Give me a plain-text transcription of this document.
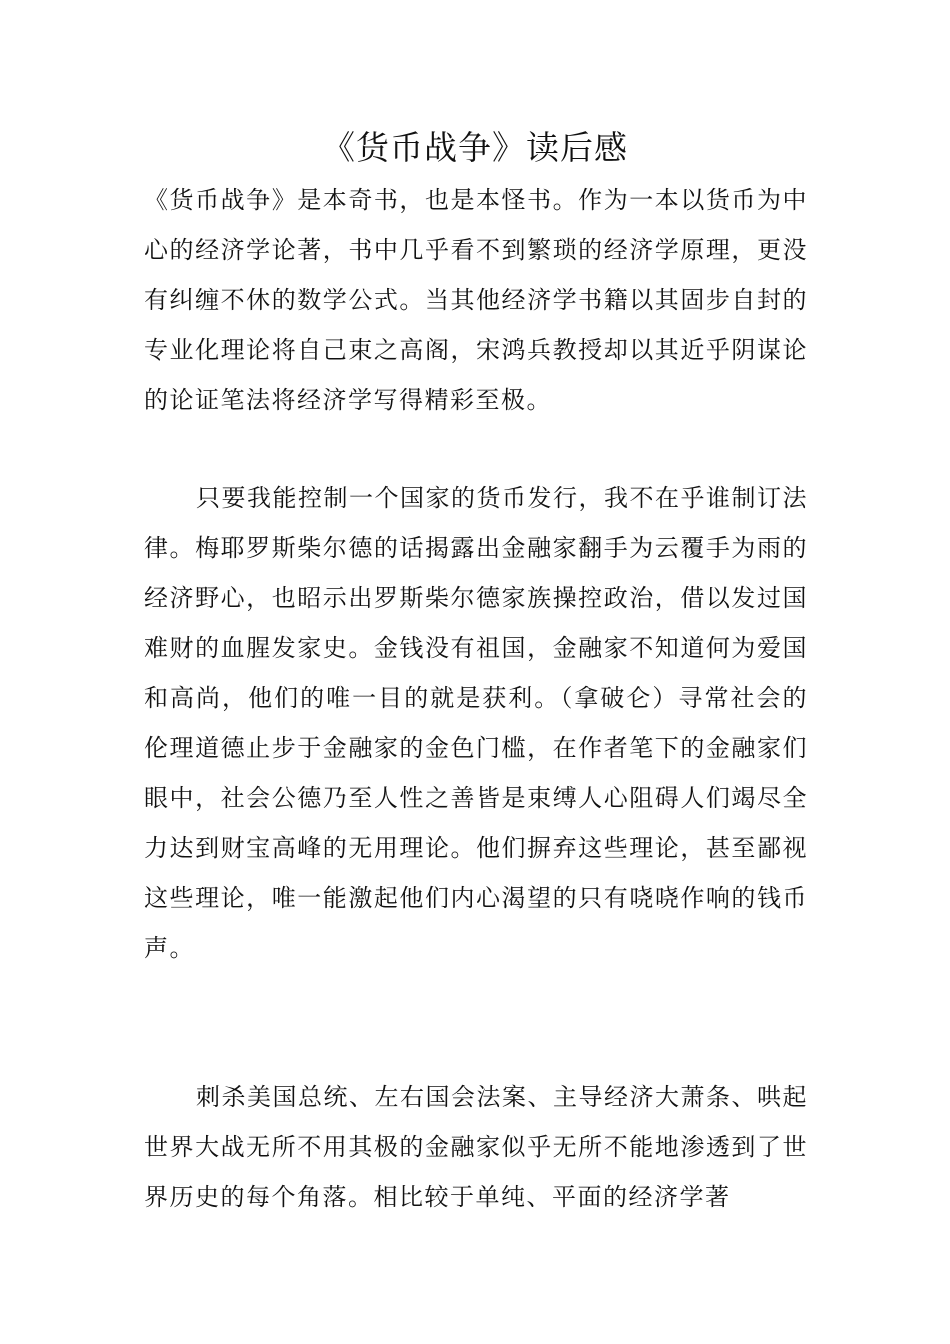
《货币战争》读后感

《货币战争》是本奇书，也是本怪书。作为一本以货币为中心的经济学论著，书中几乎看不到繁琐的经济学原理，更没有纠缠不休的数学公式。当其他经济学书籍以其固步自封的专业化理论将自己束之高阁，宋鸿兵教授却以其近乎阴谋论的论证笔法将经济学写得精彩至极。

只要我能控制一个国家的货币发行，我不在乎谁制订法律。梅耶罗斯柴尔德的话揭露出金融家翻手为云覆手为雨的经济野心，也昭示出罗斯柴尔德家族操控政治，借以发过国难财的血腥发家史。金钱没有祖国，金融家不知道何为爱国和高尚，他们的唯一目的就是获利。（拿破仑）寻常社会的伦理道德止步于金融家的金色门槛，在作者笔下的金融家们眼中，社会公德乃至人性之善皆是束缚人心阻碍人们竭尽全力达到财宝高峰的无用理论。他们摒弃这些理论，甚至鄙视这些理论，唯一能激起他们内心渴望的只有哓哓作响的钱币声。

刺杀美国总统、左右国会法案、主导经济大萧条、哄起世界大战无所不用其极的金融家似乎无所不能地渗透到了世界历史的每个角落。相比较于单纯、平面的经济学著
